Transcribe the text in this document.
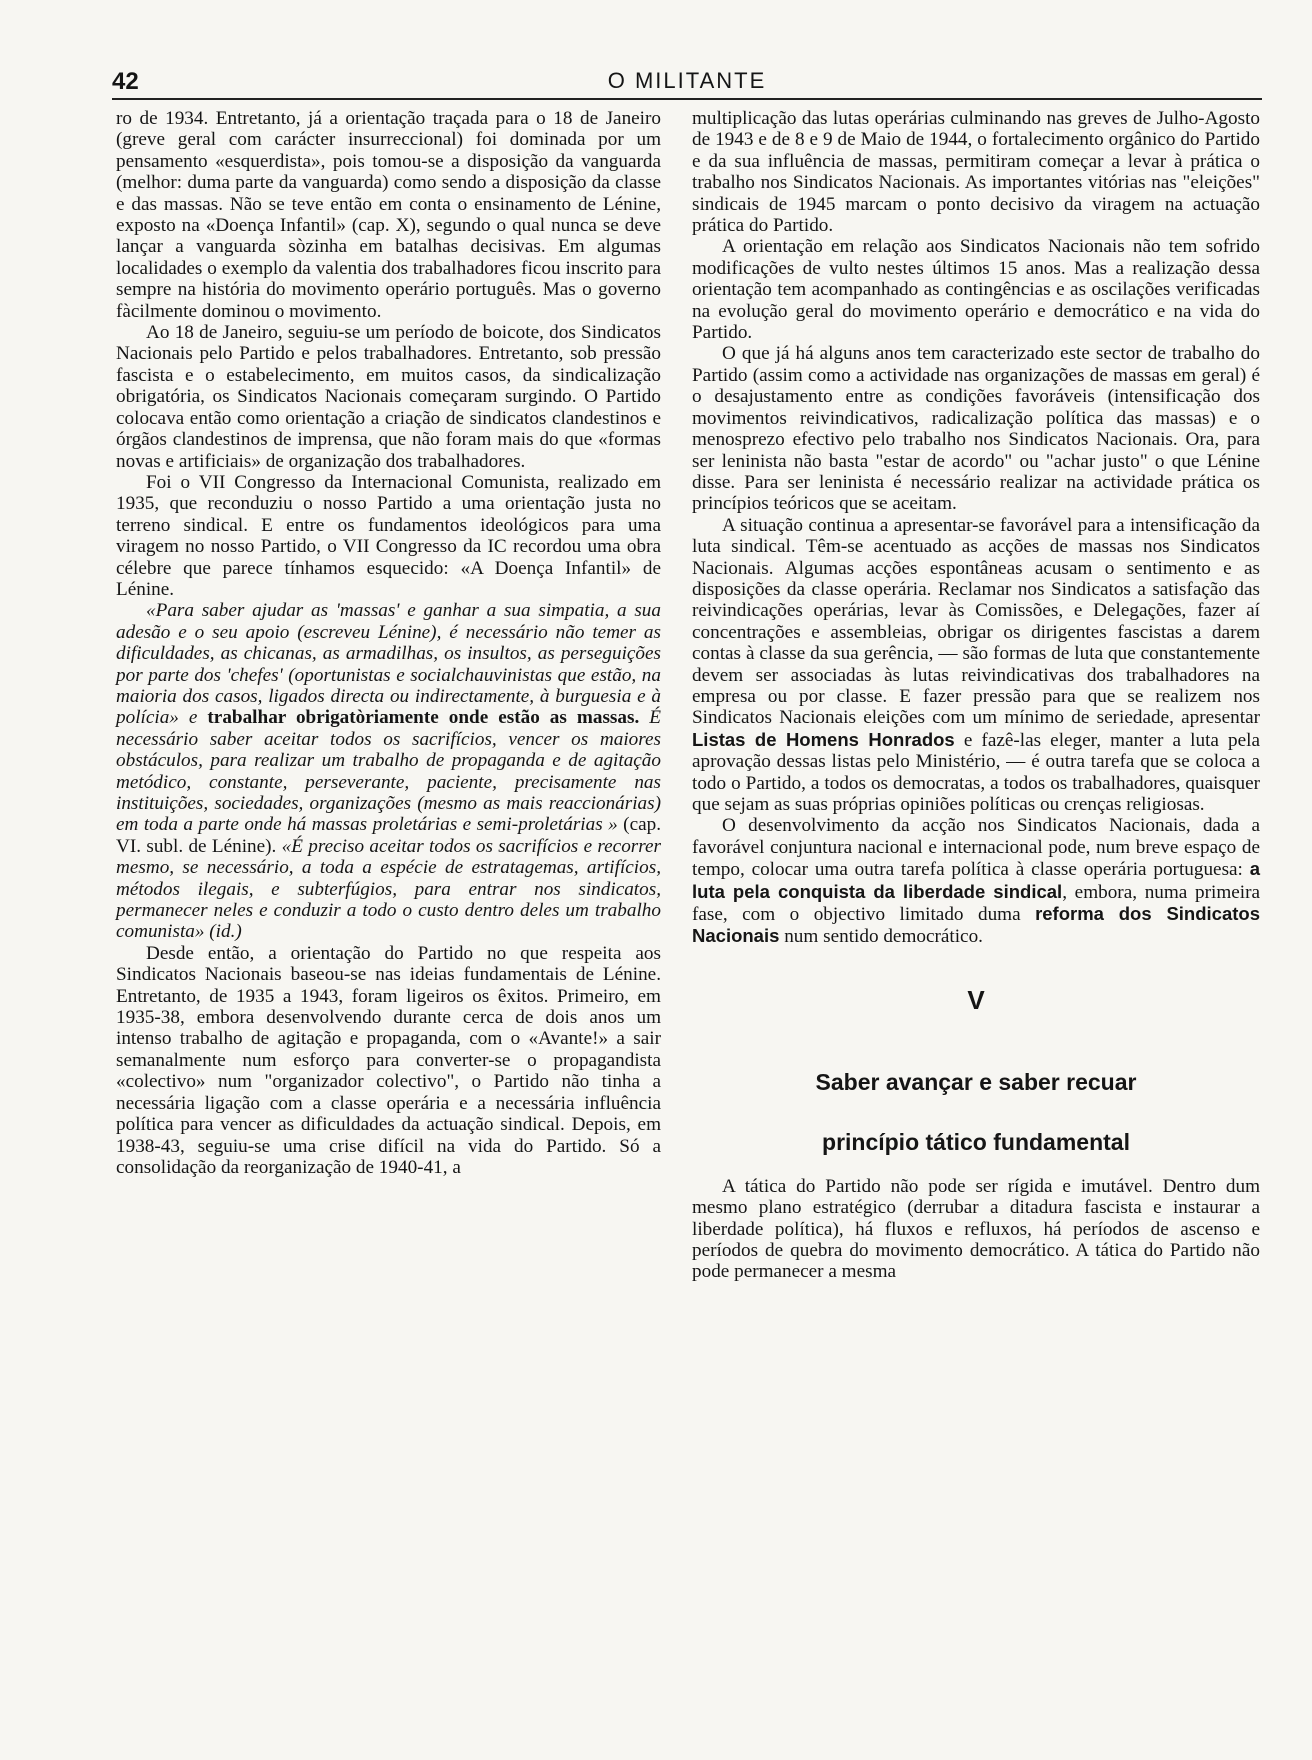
42	O MILITANTE

ro de 1934. Entretanto, já a orientação traçada para o 18 de Janeiro (greve geral com carácter insurreccional) foi dominada por um pensamento «esquerdista», pois tomou-se a disposição da vanguarda (melhor: duma parte da vanguarda) como sendo a disposição da classe e das massas. Não se teve então em conta o ensinamento de Lénine, exposto na «Doença Infantil» (cap. X), segundo o qual nunca se deve lançar a vanguarda sòzinha em batalhas decisivas. Em algumas localidades o exemplo da valentia dos trabalhadores ficou inscrito para sempre na história do movimento operário português. Mas o governo fàcilmente dominou o movimento.

Ao 18 de Janeiro, seguiu-se um período de boicote, dos Sindicatos Nacionais pelo Partido e pelos trabalhadores. Entretanto, sob pressão fascista e o estabelecimento, em muitos casos, da sindicalização obrigatória, os Sindicatos Nacionais começaram surgindo. O Partido colocava então como orientação a criação de sindicatos clandestinos e órgãos clandestinos de imprensa, que não foram mais do que «formas novas e artificiais» de organização dos trabalhadores.

Foi o VII Congresso da Internacional Comunista, realizado em 1935, que reconduziu o nosso Partido a uma orientação justa no terreno sindical. E entre os fundamentos ideológicos para uma viragem no nosso Partido, o VII Congresso da IC recordou uma obra célebre que parece tínhamos esquecido: «A Doença Infantil» de Lénine.

«Para saber ajudar as 'massas' e ganhar a sua simpatia, a sua adesão e o seu apoio (escreveu Lénine), é necessário não temer as dificuldades, as chicanas, as armadilhas, os insultos, as perseguições por parte dos 'chefes' (oportunistas e socialchauvinistas que estão, na maioria dos casos, ligados directa ou indirectamente, à burguesia e à polícia» e trabalhar obrigatòriamente onde estão as massas. É necessário saber aceitar todos os sacrifícios, vencer os maiores obstáculos, para realizar um trabalho de propaganda e de agitação metódico, constante, perseverante, paciente, precisamente nas instituições, sociedades, organizações (mesmo as mais reaccionárias) em toda a parte onde há massas proletárias e semi-proletárias » (cap. VI. subl. de Lénine). «É preciso aceitar todos os sacrifícios e recorrer mesmo, se necessário, a toda a espécie de estratagemas, artifícios, métodos ilegais, e subterfúgios, para entrar nos sindicatos, permanecer neles e conduzir a todo o custo dentro deles um trabalho comunista» (id.)

Desde então, a orientação do Partido no que respeita aos Sindicatos Nacionais baseou-se nas ideias fundamentais de Lénine. Entretanto, de 1935 a 1943, foram ligeiros os êxitos. Primeiro, em 1935-38, embora desenvolvendo durante cerca de dois anos um intenso trabalho de agitação e propaganda, com o «Avante!» a sair semanalmente num esforço para converter-se o propagandista «colectivo» num "organizador colectivo", o Partido não tinha a necessária ligação com a classe operária e a necessária influência política para vencer as dificuldades da actuação sindical. Depois, em 1938-43, seguiu-se uma crise difícil na vida do Partido. Só a consolidação da reorganização de 1940-41, a

multiplicação das lutas operárias culminando nas greves de Julho-Agosto de 1943 e de 8 e 9 de Maio de 1944, o fortalecimento orgânico do Partido e da sua influência de massas, permitiram começar a levar à prática o trabalho nos Sindicatos Nacionais. As importantes vitórias nas "eleições" sindicais de 1945 marcam o ponto decisivo da viragem na actuação prática do Partido.

A orientação em relação aos Sindicatos Nacionais não tem sofrido modificações de vulto nestes últimos 15 anos. Mas a realização dessa orientação tem acompanhado as contingências e as oscilações verificadas na evolução geral do movimento operário e democrático e na vida do Partido.

O que já há alguns anos tem caracterizado este sector de trabalho do Partido (assim como a actividade nas organizações de massas em geral) é o desajustamento entre as condições favoráveis (intensificação dos movimentos reivindicativos, radicalização política das massas) e o menosprezo efectivo pelo trabalho nos Sindicatos Nacionais. Ora, para ser leninista não basta "estar de acordo" ou "achar justo" o que Lénine disse. Para ser leninista é necessário realizar na actividade prática os princípios teóricos que se aceitam.

A situação continua a apresentar-se favorável para a intensificação da luta sindical. Têm-se acentuado as acções de massas nos Sindicatos Nacionais. Algumas acções espontâneas acusam o sentimento e as disposições da classe operária. Reclamar nos Sindicatos a satisfação das reivindicações operárias, levar às Comissões, e Delegações, fazer aí concentrações e assembleias, obrigar os dirigentes fascistas a darem contas à classe da sua gerência, — são formas de luta que constantemente devem ser associadas às lutas reivindicativas dos trabalhadores na empresa ou por classe. E fazer pressão para que se realizem nos Sindicatos Nacionais eleições com um mínimo de seriedade, apresentar Listas de Homens Honrados e fazê-las eleger, manter a luta pela aprovação dessas listas pelo Ministério, — é outra tarefa que se coloca a todo o Partido, a todos os democratas, a todos os trabalhadores, quaisquer que sejam as suas próprias opiniões políticas ou crenças religiosas.

O desenvolvimento da acção nos Sindicatos Nacionais, dada a favorável conjuntura nacional e internacional pode, num breve espaço de tempo, colocar uma outra tarefa política à classe operária portuguesa: a luta pela conquista da liberdade sindical, embora, numa primeira fase, com o objectivo limitado duma reforma dos Sindicatos Nacionais num sentido democrático.

V
Saber avançar e saber recuar
princípio tático fundamental

A tática do Partido não pode ser rígida e imutável. Dentro dum mesmo plano estratégico (derrubar a ditadura fascista e instaurar a liberdade política), há fluxos e refluxos, há períodos de ascenso e períodos de quebra do movimento democrático. A tática do Partido não pode permanecer a mesma
